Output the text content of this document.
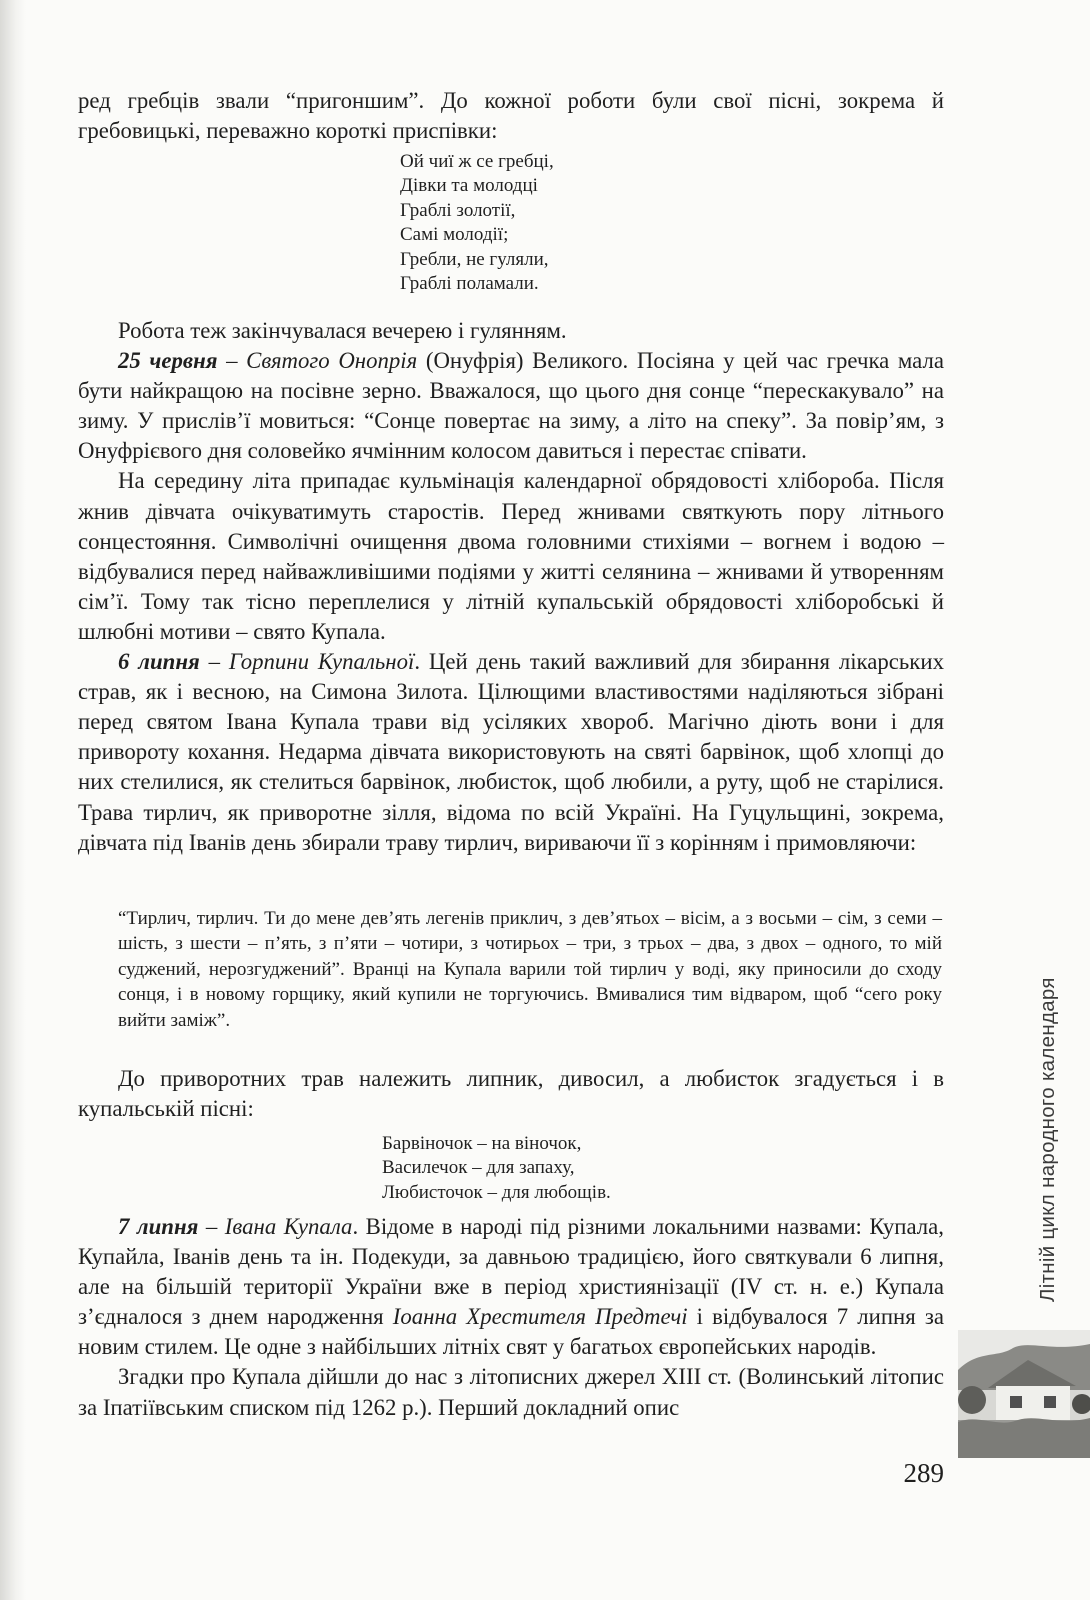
ред гребців звали “пригоншим”. До кожної роботи були свої пісні, зокрема й гребовицькі, переважно короткі приспівки:

Ой чиї ж се гребці,
Дівки та молодці
Граблі золотії,
Самі молодії;
Гребли, не гуляли,
Граблі поламали.

Робота теж закінчувалася вечерею і гулянням.

25 червня – Святого Онопрія (Онуфрія) Великого. Посіяна у цей час гречка мала бути найкращою на посівне зерно. Вважалося, що цього дня сонце “перескакувало” на зиму. У прислів’ї мовиться: “Сонце повертає на зиму, а літо на спеку”. За повір’ям, з Онуфрієвого дня соловейко ячмінним колосом давиться і перестає співати.

На середину літа припадає кульмінація календарної обрядовості хлібороба. Після жнив дівчата очікуватимуть старостів. Перед жнивами святкують пору літнього сонцестояння. Символічні очищення двома головними стихіями – вогнем і водою – відбувалися перед найважливішими подіями у житті селянина – жнивами й утворенням сім’ї. Тому так тісно переплелися у літній купальській обрядовості хліборобські й шлюбні мотиви – свято Купала.

6 липня – Горпини Купальної. Цей день такий важливий для збирання лікарських страв, як і весною, на Симона Зилота. Цілющими властивостями наділяються зібрані перед святом Івана Купала трави від усіляких хвороб. Магічно діють вони і для привороту кохання. Недарма дівчата використовують на святі барвінок, щоб хлопці до них стелилися, як стелиться барвінок, любисток, щоб любили, а руту, щоб не старілися. Трава тирлич, як приворотне зілля, відома по всій Україні. На Гуцульщині, зокрема, дівчата під Іванів день збирали траву тирлич, вириваючи її з корінням і примовляючи:

“Тирлич, тирлич. Ти до мене дев’ять легенів приклич, з дев’ятьох – вісім, а з восьми – сім, з семи – шість, з шести – п’ять, з п’яти – чотири, з чотирьох – три, з трьох – два, з двох – одного, то мій суджений, нерозгуджений”. Вранці на Купала варили той тирлич у воді, яку приносили до сходу сонця, і в новому горщику, який купили не торгуючись. Вмивалися тим відваром, щоб “сего року вийти заміж”.

До приворотних трав належить липник, дивосил, а любисток згадується і в купальській пісні:

Барвіночок – на віночок,
Василечок – для запаху,
Любисточок – для любощів.

7 липня – Івана Купала. Відоме в народі під різними локальними назвами: Купала, Купайла, Іванів день та ін. Подекуди, за давньою традицією, його святкували 6 липня, але на більшій території України вже в період християнізації (IV ст. н. е.) Купала з’єдналося з днем народження Іоанна Хрестителя Предтечі і відбувалося 7 липня за новим стилем. Це одне з найбільших літніх свят у багатьох європейських народів.

Згадки про Купала дійшли до нас з літописних джерел XIII ст. (Волинський літопис за Іпатіївським списком під 1262 р.). Перший докладний опис

Літній цикл народного календаря
289
